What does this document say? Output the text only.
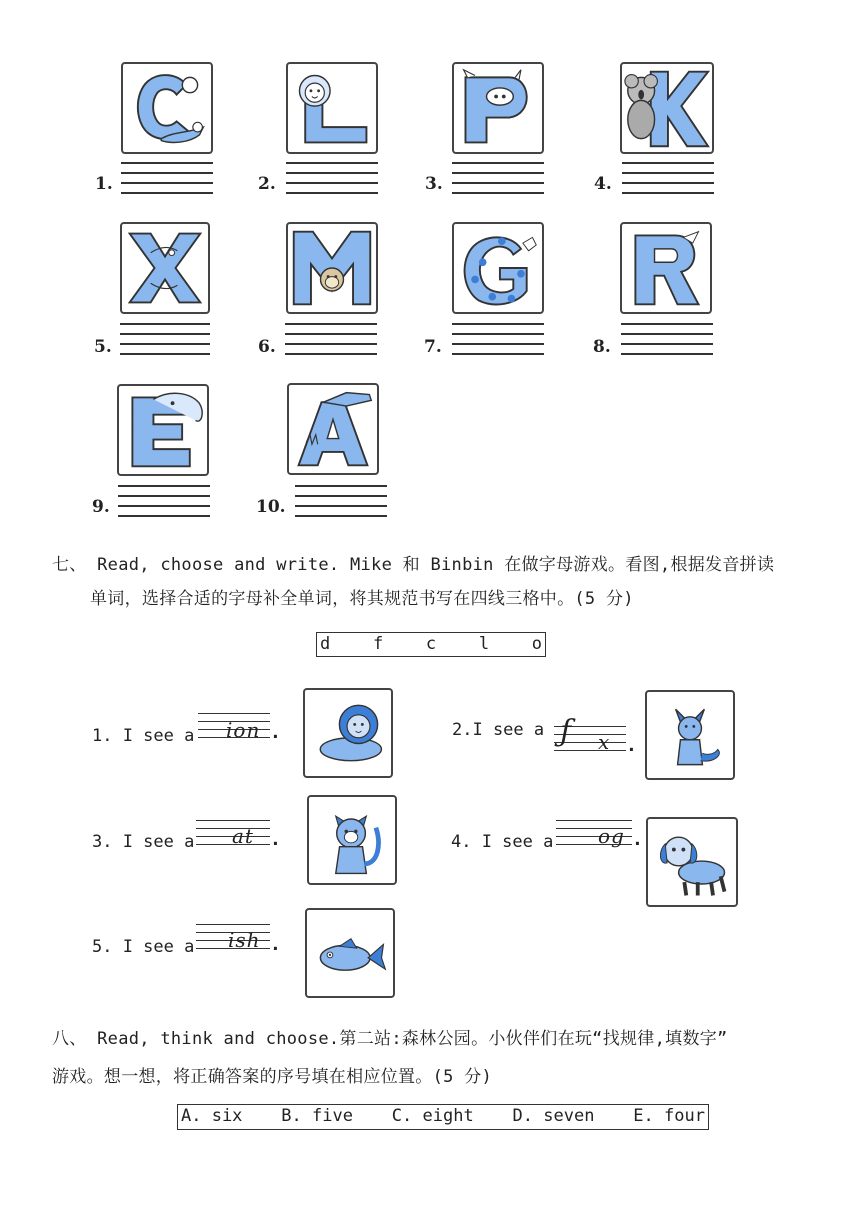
1.	2.	3.	4.
5.	6.	7.	8.
9.	10.
七、 Read, choose and write. Mike 和 Binbin 在做字母游戏。看图,根据发音拼读
单词，选择合适的字母补全单词，将其规范书写在四线三格中。(5 分)
d	f	c	l	o
1. I see a ion .	2.I see a ƒ x .
3. I see a at .	4. I see a og .
5. I see a ish .
八、 Read, think and choose.第二站:森林公园。小伙伴们在玩“找规律,填数字”
游戏。想一想，将正确答案的序号填在相应位置。(5 分)
A. six B. five C. eight D. seven E. four
